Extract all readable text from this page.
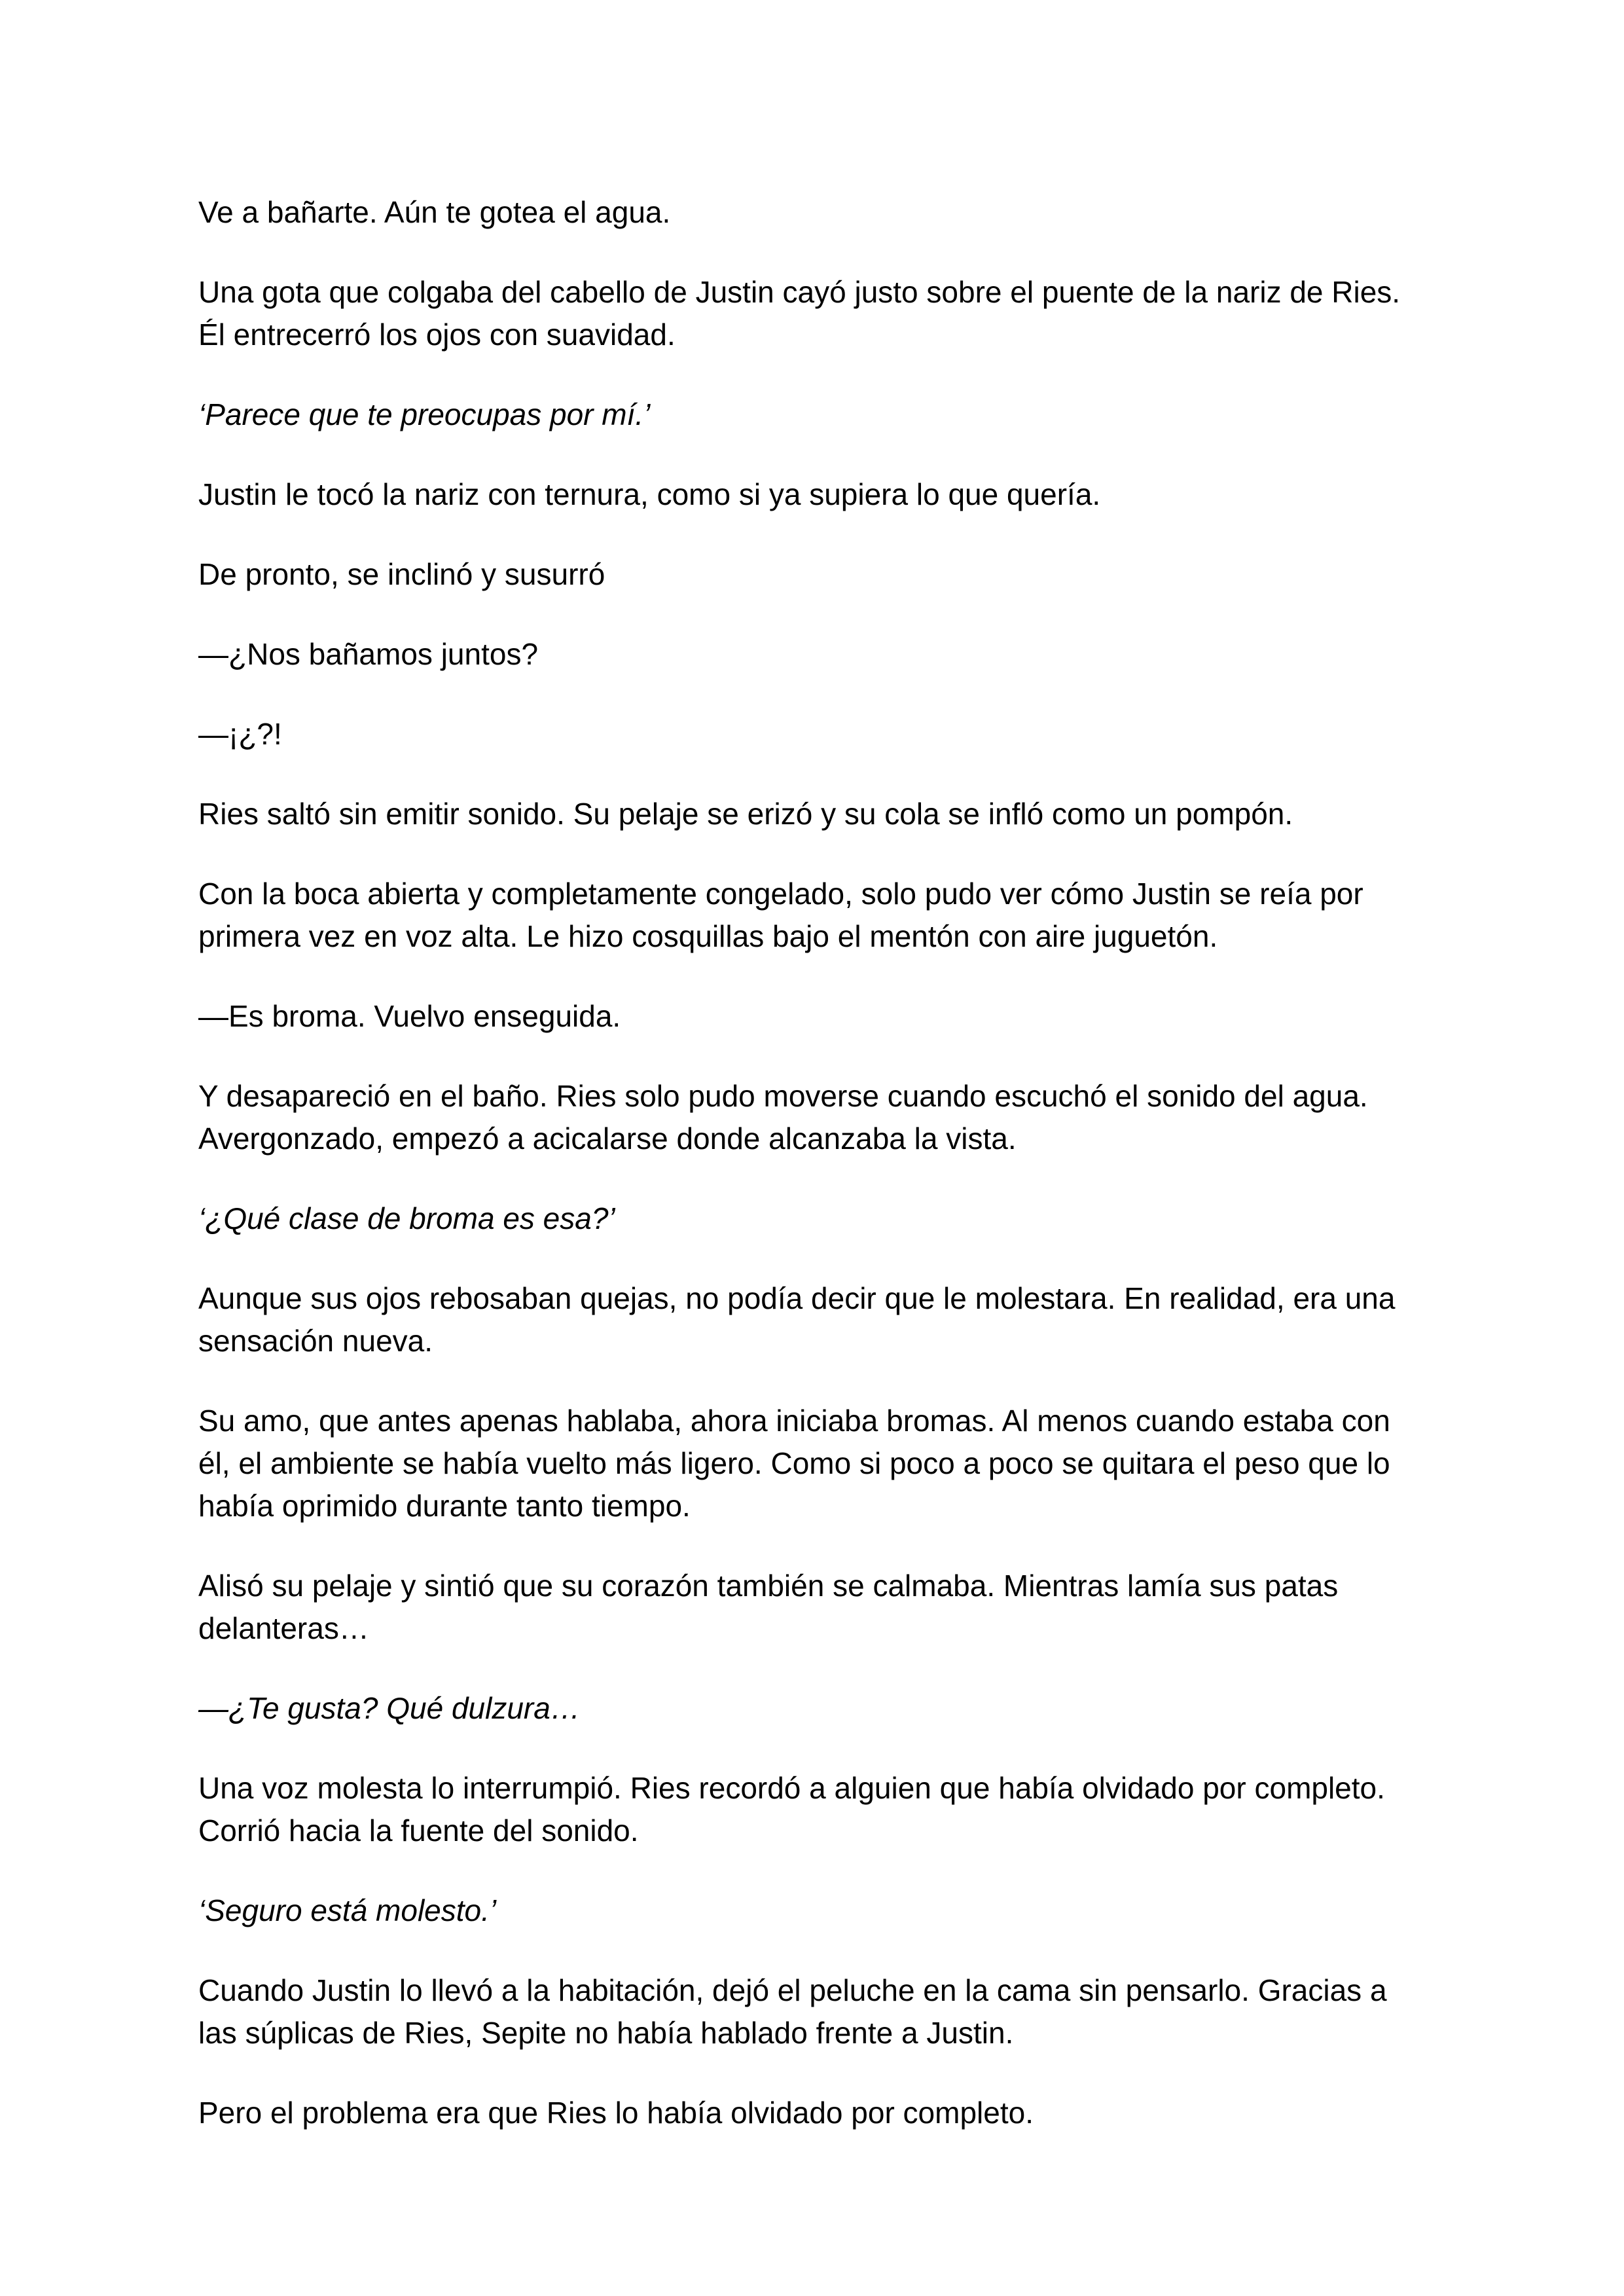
Ve a bañarte. Aún te gotea el agua.

Una gota que colgaba del cabello de Justin cayó justo sobre el puente de la nariz de Ries. Él entrecerró los ojos con suavidad.

‘Parece que te preocupas por mí.’

Justin le tocó la nariz con ternura, como si ya supiera lo que quería.

De pronto, se inclinó y susurró

—¿Nos bañamos juntos?

—¡¿?!

Ries saltó sin emitir sonido. Su pelaje se erizó y su cola se infló como un pompón.

Con la boca abierta y completamente congelado, solo pudo ver cómo Justin se reía por primera vez en voz alta. Le hizo cosquillas bajo el mentón con aire juguetón.

—Es broma. Vuelvo enseguida.

Y desapareció en el baño. Ries solo pudo moverse cuando escuchó el sonido del agua. Avergonzado, empezó a acicalarse donde alcanzaba la vista.

‘¿Qué clase de broma es esa?’

Aunque sus ojos rebosaban quejas, no podía decir que le molestara. En realidad, era una sensación nueva.

Su amo, que antes apenas hablaba, ahora iniciaba bromas. Al menos cuando estaba con él, el ambiente se había vuelto más ligero. Como si poco a poco se quitara el peso que lo había oprimido durante tanto tiempo.

Alisó su pelaje y sintió que su corazón también se calmaba. Mientras lamía sus patas delanteras…

—¿Te gusta? Qué dulzura…

Una voz molesta lo interrumpió. Ries recordó a alguien que había olvidado por completo. Corrió hacia la fuente del sonido.

‘Seguro está molesto.’

Cuando Justin lo llevó a la habitación, dejó el peluche en la cama sin pensarlo. Gracias a las súplicas de Ries, Sepite no había hablado frente a Justin.

Pero el problema era que Ries lo había olvidado por completo.
